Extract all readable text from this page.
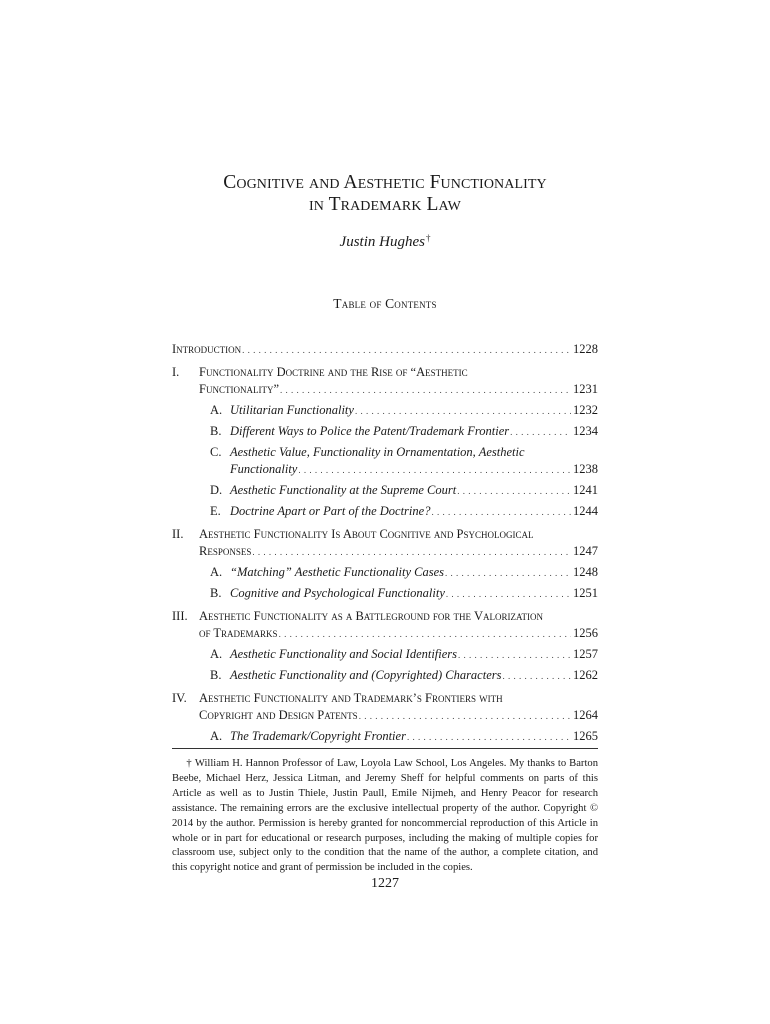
Cognitive and Aesthetic Functionality
in Trademark Law
Justin Hughes†
Table of Contents
Introduction . . .	1228
I. Functionality Doctrine and the Rise of “Aesthetic
Functionality” . . .	1231
A. Utilitarian Functionality . . .	1232
B. Different Ways to Police the Patent/Trademark Frontier . . .	1234
C. Aesthetic Value, Functionality in Ornamentation, Aesthetic
Functionality . . .	1238
D. Aesthetic Functionality at the Supreme Court . . .	1241
E. Doctrine Apart or Part of the Doctrine? . . .	1244
II. Aesthetic Functionality Is About Cognitive and Psychological
Responses . . .	1247
A. “Matching” Aesthetic Functionality Cases . . .	1248
B. Cognitive and Psychological Functionality . . .	1251
III. Aesthetic Functionality as a Battleground for the Valorization
of Trademarks . . .	1256
A. Aesthetic Functionality and Social Identifiers . . .	1257
B. Aesthetic Functionality and (Copyrighted) Characters . . .	1262
IV. Aesthetic Functionality and Trademark’s Frontiers with
Copyright and Design Patents . . .	1264
A. The Trademark/Copyright Frontier . . .	1265
† William H. Hannon Professor of Law, Loyola Law School, Los Angeles. My thanks to Barton Beebe, Michael Herz, Jessica Litman, and Jeremy Sheff for helpful comments on parts of this Article as well as to Justin Thiele, Justin Paull, Emile Nijmeh, and Henry Peacor for research assistance. The remaining errors are the exclusive intellectual property of the author. Copyright © 2014 by the author. Permission is hereby granted for noncommercial reproduction of this Article in whole or in part for educational or research purposes, including the making of multiple copies for classroom use, subject only to the condition that the name of the author, a complete citation, and this copyright notice and grant of permission be included in the copies.
1227
